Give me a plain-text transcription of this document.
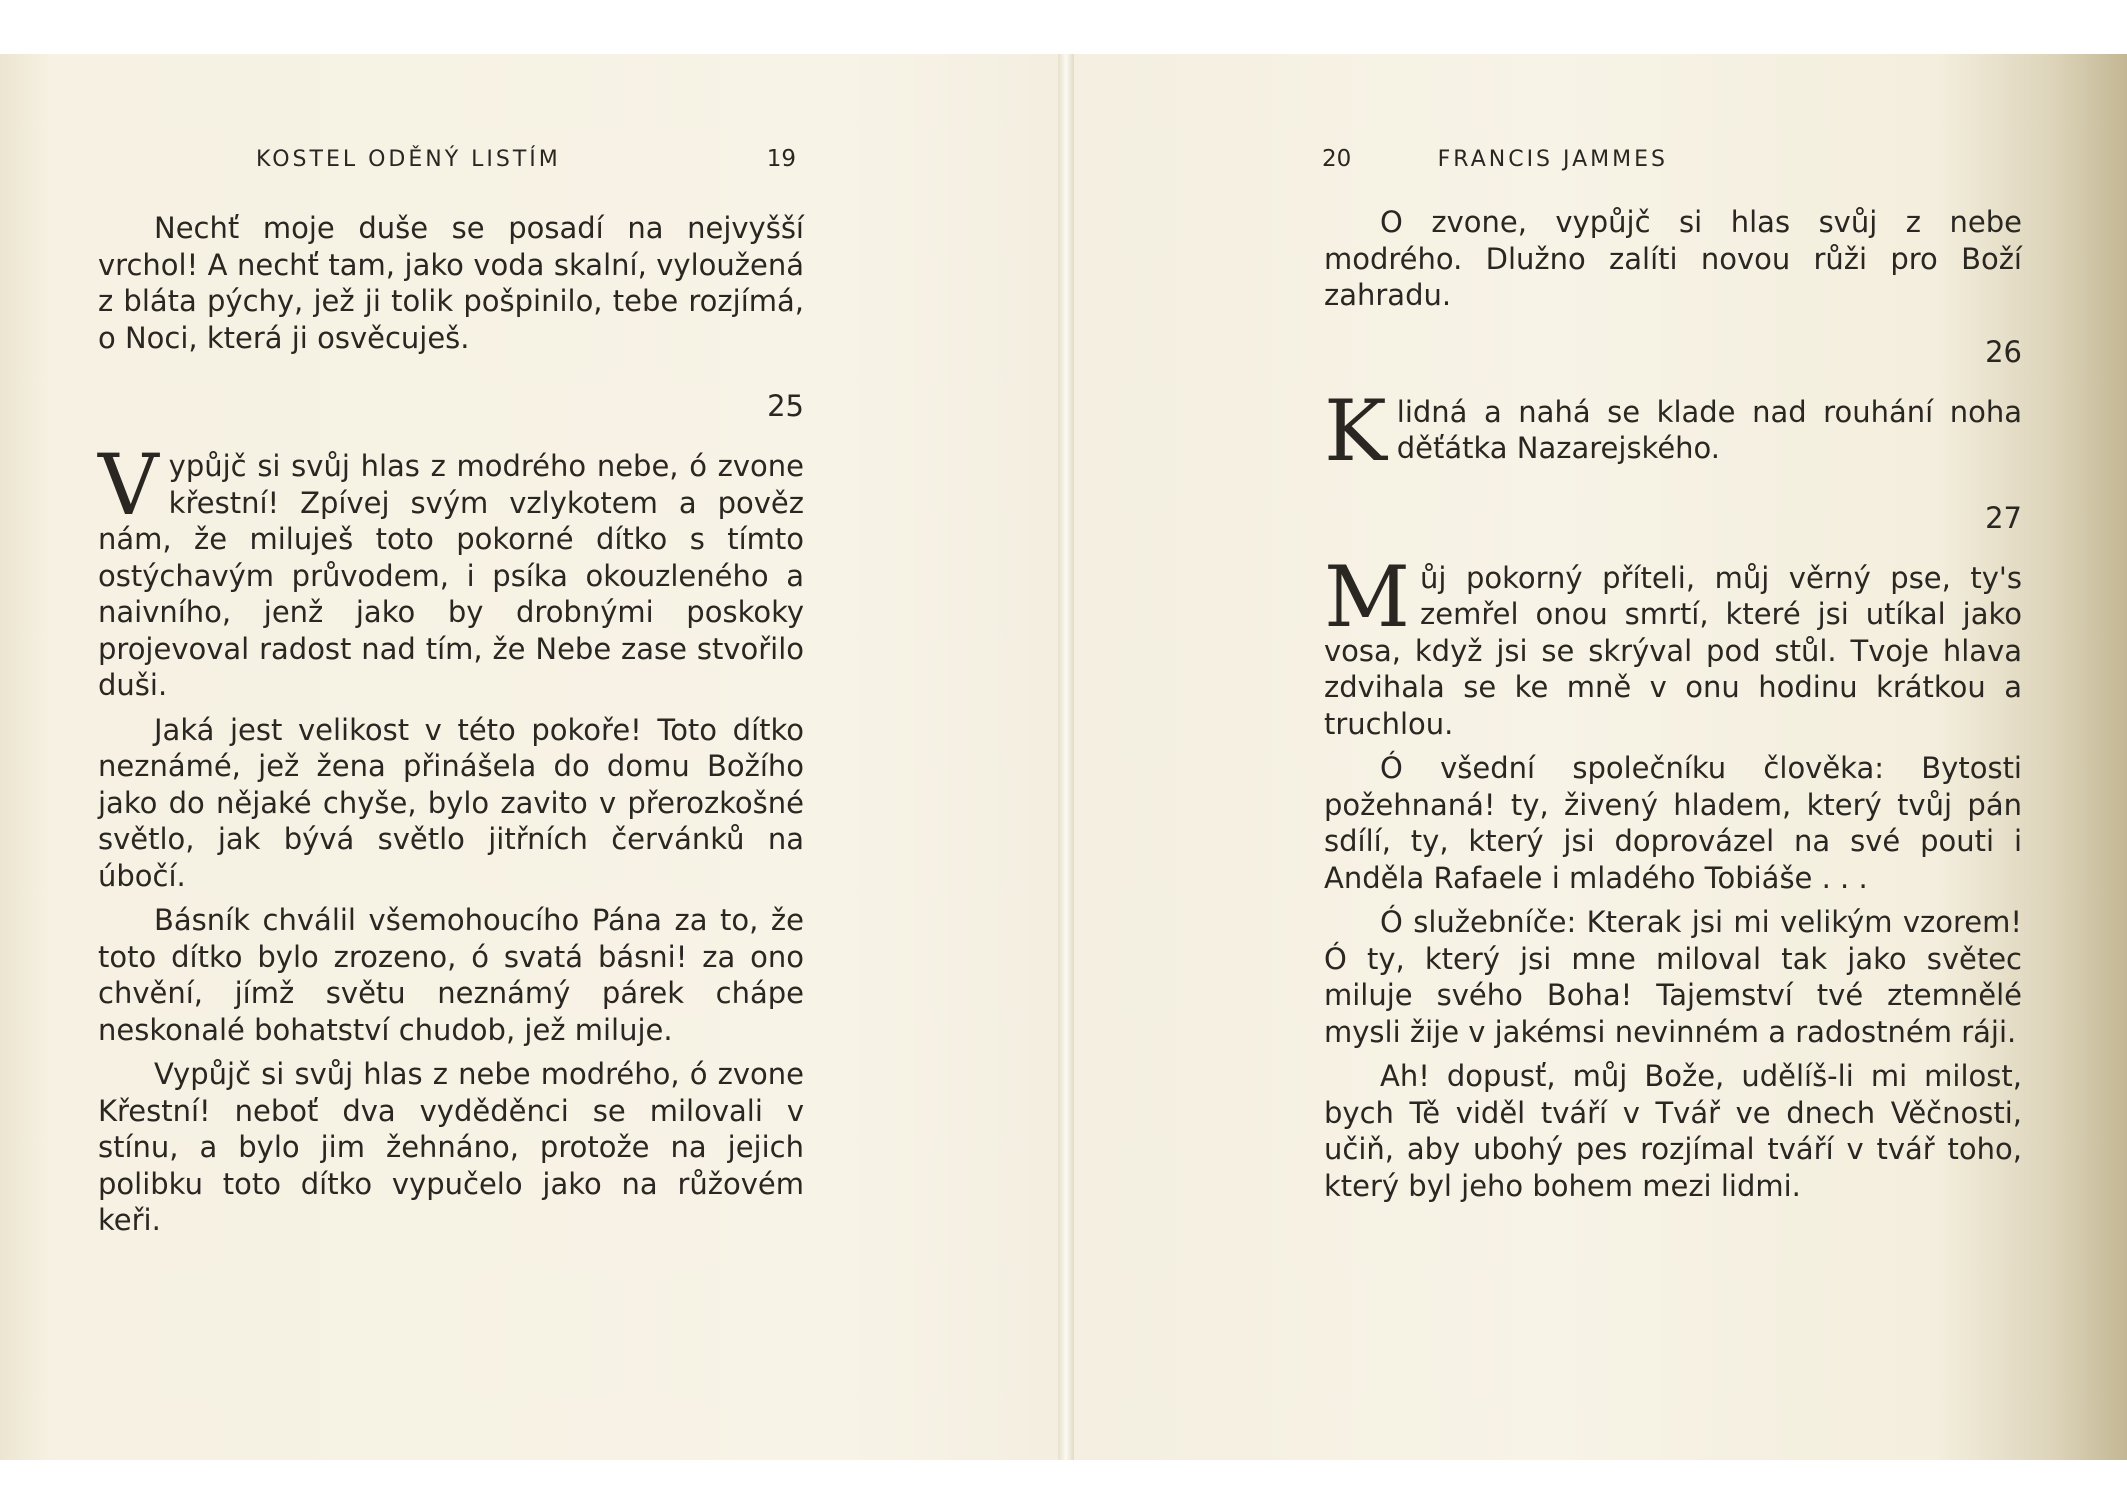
KOSTEL ODĚNÝ LISTÍM	19

Nechť moje duše se posadí na nejvyšší vrchol! A nechť tam, jako voda skalní, vyloužená z bláta pýchy, jež ji tolik pošpinilo, tebe rozjímá, o Noci, která ji osvěcuješ.

25

Vypůjč si svůj hlas z modrého nebe, ó zvone křestní! Zpívej svým vzlykotem a pověz nám, že miluješ toto pokorné dítko s tímto ostýchavým průvodem, i psíka okouzleného a naivního, jenž jako by drobnými poskoky projevoval radost nad tím, že Nebe zase stvořilo duši.

Jaká jest velikost v této pokoře! Toto dítko neznámé, jež žena přinášela do domu Božího jako do nějaké chyše, bylo zavito v přerozkošné světlo, jak bývá světlo jitřních červánků na úbočí.

Básník chválil všemohoucího Pána za to, že toto dítko bylo zrozeno, ó svatá básni! za ono chvění, jímž světu neznámý párek chápe neskonalé bohatství chudob, jež miluje.

Vypůjč si svůj hlas z nebe modrého, ó zvone Křestní! neboť dva vyděděnci se milovali v stínu, a bylo jim žehnáno, protože na jejich polibku toto dítko vypučelo jako na růžovém keři.

20	FRANCIS JAMMES

O zvone, vypůjč si hlas svůj z nebe modrého. Dlužno zalíti novou růži pro Boží zahradu.

26

Klidná a nahá se klade nad rouhání noha děťátka Nazarejského.

27

Můj pokorný příteli, můj věrný pse, ty's zemřel onou smrtí, které jsi utíkal jako vosa, když jsi se skrýval pod stůl. Tvoje hlava zdvihala se ke mně v onu hodinu krátkou a truchlou.

Ó všední společníku člověka: Bytosti požehnaná! ty, živený hladem, který tvůj pán sdílí, ty, který jsi doprovázel na své pouti i Anděla Rafaele i mladého Tobiáše . . .

Ó služebníče: Kterak jsi mi velikým vzorem! Ó ty, který jsi mne miloval tak jako světec miluje svého Boha! Tajemství tvé ztemnělé mysli žije v jakémsi nevinném a radostném ráji.

Ah! dopusť, můj Bože, udělíš-li mi milost, bych Tě viděl tváří v Tvář ve dnech Věčnosti, učiň, aby ubohý pes rozjímal tváří v tvář toho, který byl jeho bohem mezi lidmi.
